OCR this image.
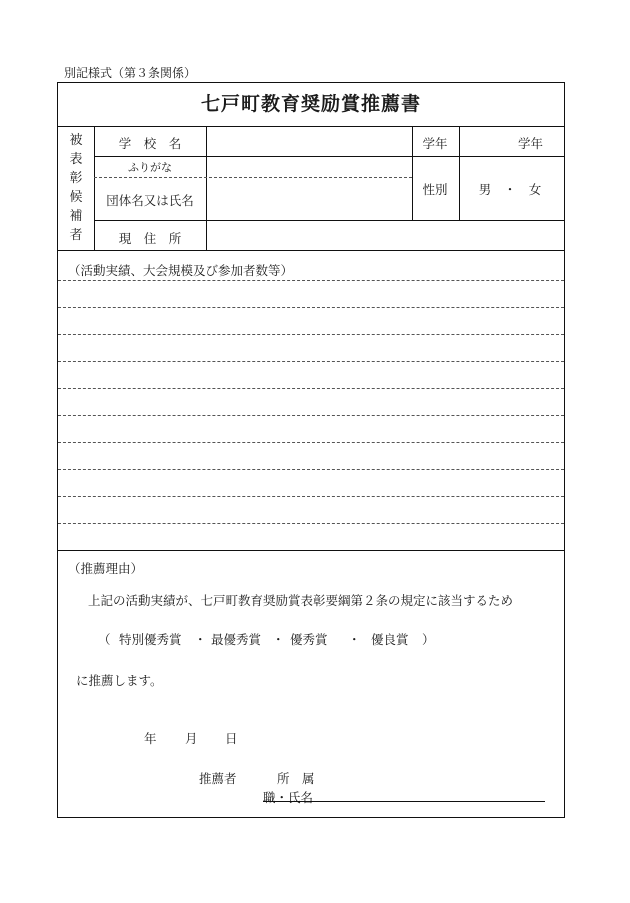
別記様式（第３条関係）
七戸町教育奨励賞推薦書
被
表
彰
候
補
者
学　校　名	学年	学年
ふりがな
団体名又は氏名
性別 男　・　女
現　住　所
（活動実績、大会規模及び参加者数等）
（推薦理由）
上記の活動実績が、七戸町教育奨励賞表彰要綱第２条の規定に該当するため
（ 特別優秀賞 ・ 最優秀賞 ・ 優秀賞 ・ 優良賞 ）
に推薦します。
年 月 日
推薦者	所　属
職・氏名
